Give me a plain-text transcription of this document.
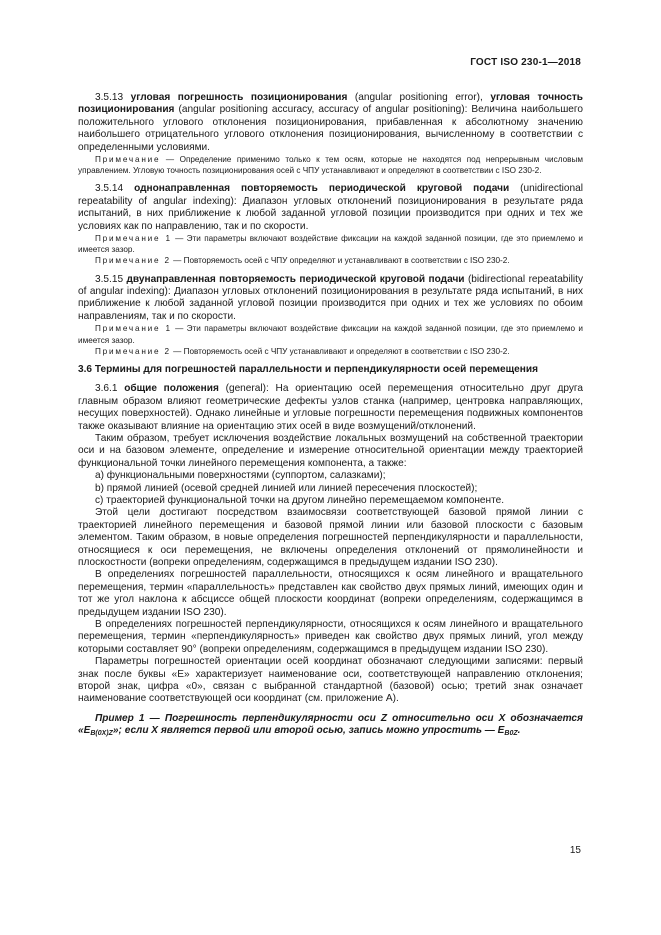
ГОСТ ISO 230-1—2018

3.5.13 угловая погрешность позиционирования (angular positioning error), угловая точность позиционирования (angular positioning accuracy, accuracy of angular positioning): Величина наибольшего положительного углового отклонения позиционирования, прибавленная к абсолютному значению наибольшего отрицательного углового отклонения позиционирования, вычисленному в соответствии с определенными условиями.

Примечание — Определение применимо только к тем осям, которые не находятся под непрерывным числовым управлением. Угловую точность позиционирования осей с ЧПУ устанавливают и определяют в соответствии с ISO 230-2.

3.5.14 однонаправленная повторяемость периодической круговой подачи (unidirectional repeatability of angular indexing): Диапазон угловых отклонений позиционирования в результате ряда испытаний, в них приближение к любой заданной угловой позиции производится при одних и тех же условиях как по направлению, так и по скорости.

Примечание 1 — Эти параметры включают воздействие фиксации на каждой заданной позиции, где это приемлемо и имеется зазор.

Примечание 2 — Повторяемость осей с ЧПУ определяют и устанавливают в соответствии с ISO 230-2.

3.5.15 двунаправленная повторяемость периодической круговой подачи (bidirectional repeatability of angular indexing): Диапазон угловых отклонений позиционирования в результате ряда испытаний, в них приближение к любой заданной угловой позиции производится при одних и тех же условиях по обоим направлениям, так и по скорости.

Примечание 1 — Эти параметры включают воздействие фиксации на каждой заданной позиции, где это приемлемо и имеется зазор.

Примечание 2 — Повторяемость осей с ЧПУ устанавливают и определяют в соответствии с ISO 230-2.

3.6 Термины для погрешностей параллельности и перпендикулярности осей перемещения

3.6.1 общие положения (general): На ориентацию осей перемещения относительно друг друга главным образом влияют геометрические дефекты узлов станка (например, центровка направляющих, несущих поверхностей). Однако линейные и угловые погрешности перемещения подвижных компонентов также оказывают влияние на ориентацию этих осей в виде возмущений/отклонений.

Таким образом, требует исключения воздействие локальных возмущений на собственной траектории оси и на базовом элементе, определение и измерение относительной ориентации между траекторией функциональной точки линейного перемещения компонента, а также:

a) функциональными поверхностями (суппортом, салазками);

b) прямой линией (осевой средней линией или линией пересечения плоскостей);

c) траекторией функциональной точки на другом линейно перемещаемом компоненте.

Этой цели достигают посредством взаимосвязи соответствующей базовой прямой линии с траекторией линейного перемещения и базовой прямой линии или базовой плоскости с базовым элементом. Таким образом, в новые определения погрешностей перпендикулярности и параллельности, относящиеся к оси перемещения, не включены определения отклонений от прямолинейности и плоскостности (вопреки определениям, содержащимся в предыдущем издании ISO 230).

В определениях погрешностей параллельности, относящихся к осям линейного и вращательного перемещения, термин «параллельность» представлен как свойство двух прямых линий, имеющих один и тот же угол наклона к абсциссе общей плоскости координат (вопреки определениям, содержащимся в предыдущем издании ISO 230).

В определениях погрешностей перпендикулярности, относящихся к осям линейного и вращательного перемещения, термин «перпендикулярность» приведен как свойство двух прямых линий, угол между которыми составляет 90° (вопреки определениям, содержащимся в предыдущем издании ISO 230).

Параметры погрешностей ориентации осей координат обозначают следующими записями: первый знак после буквы «E» характеризует наименование оси, соответствующей направлению отклонения; второй знак, цифра «0», связан с выбранной стандартной (базовой) осью; третий знак означает наименование соответствующей оси координат (см. приложение А).

Пример 1 — Погрешность перпендикулярности оси Z относительно оси X обозначается «$E_{B(0X)Z}$»; если X является первой или второй осью, запись можно упростить — $E_{B0Z}$.

15
